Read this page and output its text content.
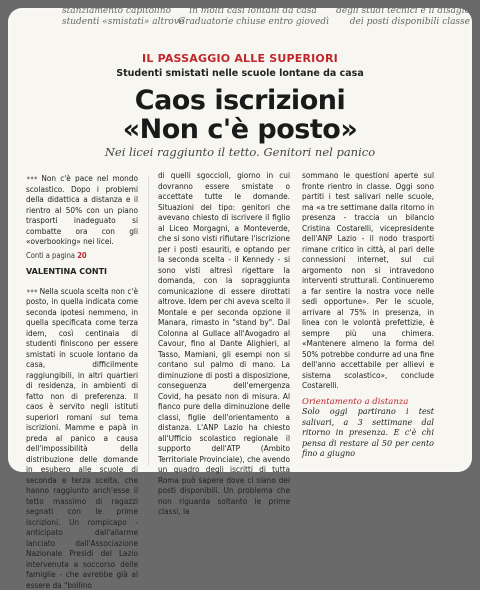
stanziamento capitolino
studenti «smistati» altrove
in molti casi lontani da casa
Graduatorie chiuse entro giovedì
degli studi tecnici e il disagio
dei posti disponibili classe
IL PASSAGGIO ALLE SUPERIORI
Studenti smistati nelle scuole lontane da casa
Caos iscrizioni
«Non c'è posto»
Nei licei raggiunto il tetto. Genitori nel panico

••• Non c'è pace nel mondo scolastico. Dopo i problemi della didattica a distanza e il rientro al 50% con un piano trasporti inadeguato si combatte ora con gli «overbooking» nei licei.

Conti a pagina 20

VALENTINA CONTI

••• Nella scuola scelta non c'è posto, in quella indicata come seconda ipotesi nemmeno, in quella specificata come terza idem, così centinaia di studenti finiscono per essere smistati in scuole lontano da casa, difficilmente raggiungibili, in altri quartieri di residenza, in ambienti di fatto non di preferenza. Il caos è servito negli istituti superiori romani sul tema iscrizioni. Mamme e papà in preda al panico a causa dell'impossibilità della distribuzione delle domande in esubero alle scuole di seconda e terza scelta, che hanno raggiunto anch'esse il tetto massimo di ragazzi segnati con le prime iscrizioni. Un rompicapo - anticipato dall'allarme lanciato dall'Associazione Nazionale Presidi del Lazio intervenuta a soccorso delle famiglie - che avrebbe già al essere da "bollino

di quelli sgocciolì, giorno in cui dovranno essere smistate o accettate tutte le domande. Situazioni del tipo: genitori che avevano chiesto di iscrivere il figlio al Liceo Morgagni, a Monteverde, che si sono visti rifiutare l'iscrizione per i posti esauriti, e optando per la seconda scelta - il Kennedy - si sono visti altresì rigettare la domanda, con la sopraggiunta comunicazione di essere dirottati altrove. Idem per chi aveva scelto il Montale e per seconda opzione il Manara, rimasto in "stand by". Dal Colonna al Gullace all'Avogadro al Cavour, fino al Dante Alighieri, al Tasso, Mamiani, gli esempi non si contano sul palmo di mano. La diminuzione di posti a disposizione, conseguenza dell'emergenza Covid, ha pesato non di misura. Al fianco pure della diminuzione delle classi, figlie dell'orientamento a distanza. L'ANP Lazio ha chiesto all'Ufficio scolastico regionale il supporto dell'ATP (Ambito Territoriale Provinciale), che avendo un quadro degli iscritti di tutta Roma può sapere dove ci siano dei posti disponibili. Un problema che non riguarda soltanto le prime classi, la

sommano le questioni aperte sul fronte rientro in classe. Oggi sono partiti i test salivari nelle scuole, ma «a tre settimane dalla ritorno in presenza - traccia un bilancio Cristina Costarelli, vicepresidente dell'ANP Lazio - il nodo trasporti rimane critico in città, al pari delle connessioni internet, sul cui argomento non si intravedono interventi strutturali. Continueremo a far sentire la nostra voce nelle sedi opportune». Per le scuole, arrivare al 75% in presenza, in linea con le volontà prefettizie, è sempre più una chimera. «Mantenere almeno la forma del 50% potrebbe condurre ad una fine dell'anno accettabile per allievi e sistema scolastico», conclude Costarelli.

Orientamento a distanza

Solo oggi partirano i test salivari, a 3 settimane dal ritorno in presenza. E c'è chi pensa di restare al 50 per cento fino a giugno
